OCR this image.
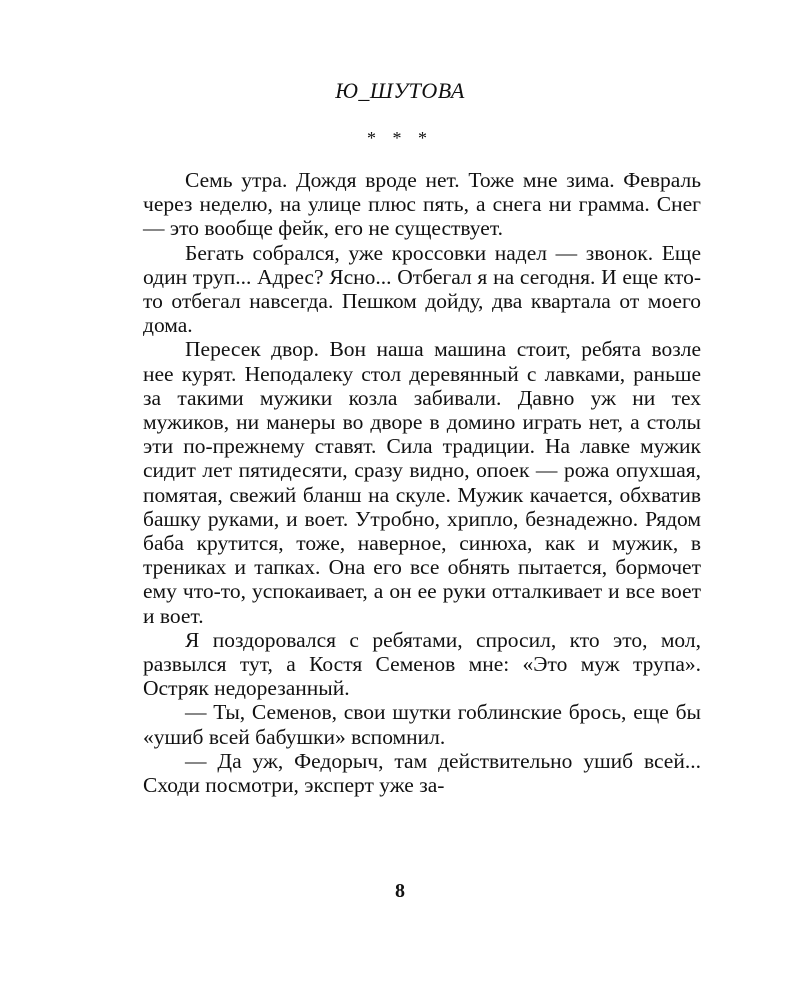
Ю_ШУТОВА
* * *

Семь утра. Дождя вроде нет. Тоже мне зима. Февраль через неделю, на улице плюс пять, а снега ни грамма. Снег — это вообще фейк, его не существует.

Бегать собрался, уже кроссовки надел — звонок. Еще один труп... Адрес? Ясно... Отбегал я на сегодня. И еще кто-то отбегал навсегда. Пешком дойду, два квартала от моего дома.

Пересек двор. Вон наша машина стоит, ребята возле нее курят. Неподалеку стол деревянный с лавками, раньше за такими мужики козла забивали. Давно уж ни тех мужиков, ни манеры во дворе в домино играть нет, а столы эти по-прежнему ставят. Сила традиции. На лавке мужик сидит лет пятидесяти, сразу видно, опоек — рожа опухшая, помятая, свежий бланш на скуле. Мужик качается, обхватив башку руками, и воет. Утробно, хрипло, безнадежно. Рядом баба крутится, тоже, наверное, синюха, как и мужик, в трениках и тапках. Она его все обнять пытается, бормочет ему что-то, успокаивает, а он ее руки отталкивает и все воет и воет.

Я поздоровался с ребятами, спросил, кто это, мол, развылся тут, а Костя Семенов мне: «Это муж трупа». Остряк недорезанный.

— Ты, Семенов, свои шутки гоблинские брось, еще бы «ушиб всей бабушки» вспомнил.

— Да уж, Федорыч, там действительно ушиб всей... Сходи посмотри, эксперт уже за-

8
